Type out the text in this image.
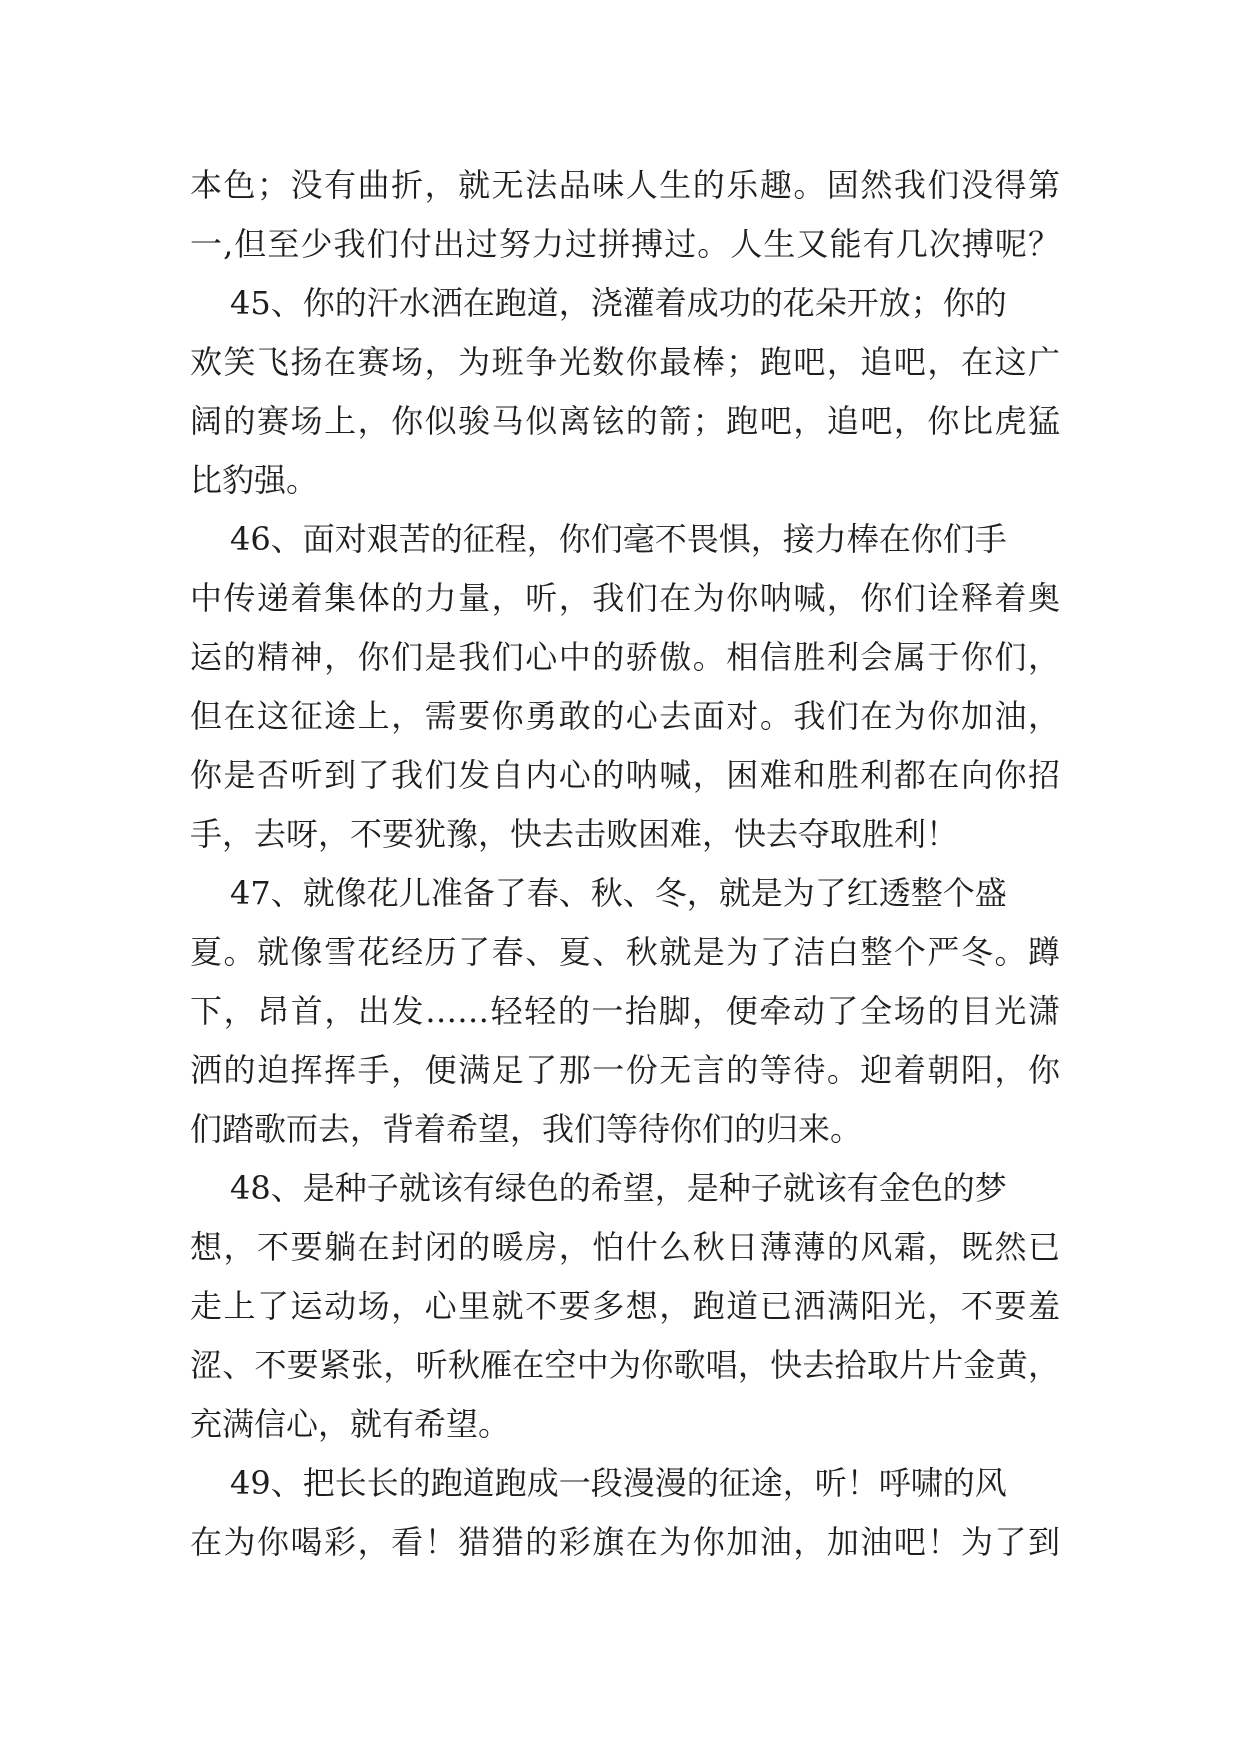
本色；没有曲折，就无法品味人生的乐趣。固然我们没得第
一,但至少我们付出过努力过拼搏过。人生又能有几次搏呢？
45、你的汗水洒在跑道，浇灌着成功的花朵开放；你的
欢笑飞扬在赛场，为班争光数你最棒；跑吧，追吧，在这广
阔的赛场上，你似骏马似离铉的箭；跑吧，追吧，你比虎猛
比豹强。
46、面对艰苦的征程，你们毫不畏惧，接力棒在你们手
中传递着集体的力量，听，我们在为你呐喊，你们诠释着奥
运的精神，你们是我们心中的骄傲。相信胜利会属于你们，
但在这征途上，需要你勇敢的心去面对。我们在为你加油，
你是否听到了我们发自内心的呐喊，困难和胜利都在向你招
手，去呀，不要犹豫，快去击败困难，快去夺取胜利！
47、就像花儿准备了春、秋、冬，就是为了红透整个盛
夏。就像雪花经历了春、夏、秋就是为了洁白整个严冬。蹲
下，昂首，出发……轻轻的一抬脚，便牵动了全场的目光潇
洒的迫挥挥手，便满足了那一份无言的等待。迎着朝阳，你
们踏歌而去，背着希望，我们等待你们的归来。
48、是种子就该有绿色的希望，是种子就该有金色的梦
想，不要躺在封闭的暖房，怕什么秋日薄薄的风霜，既然已
走上了运动场，心里就不要多想，跑道已洒满阳光，不要羞
涩、不要紧张，听秋雁在空中为你歌唱，快去拾取片片金黄，
充满信心，就有希望。
49、把长长的跑道跑成一段漫漫的征途，听！呼啸的风
在为你喝彩，看！猎猎的彩旗在为你加油，加油吧！为了到
